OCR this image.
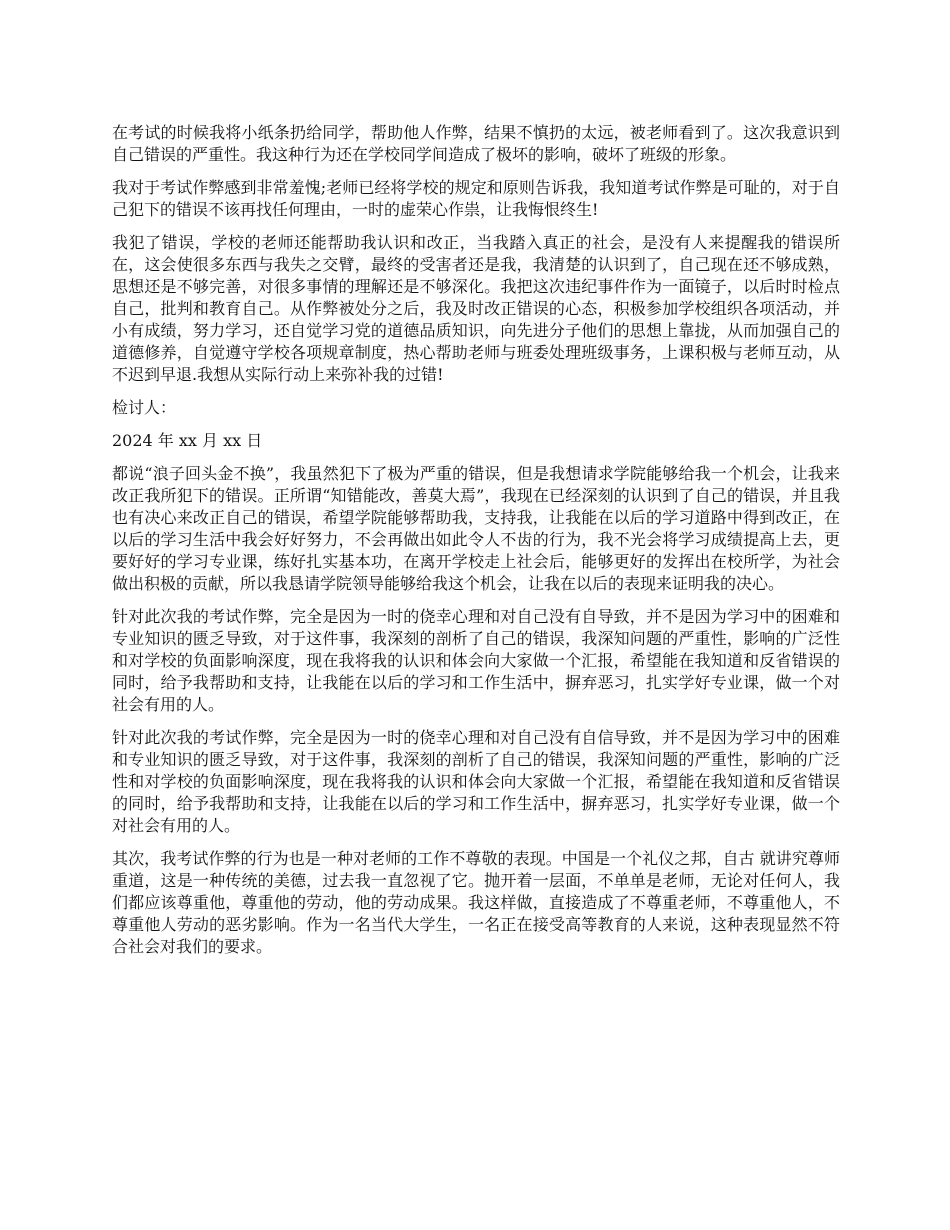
在考试的时候我将小纸条扔给同学，帮助他人作弊，结果不慎扔的太远，被老师看到了。这次我意识到自己错误的严重性。我这种行为还在学校同学间造成了极坏的影响，破坏了班级的形象。

我对于考试作弊感到非常羞愧;老师已经将学校的规定和原则告诉我，我知道考试作弊是可耻的，对于自己犯下的错误不该再找任何理由，一时的虚荣心作祟，让我悔恨终生!

我犯了错误，学校的老师还能帮助我认识和改正，当我踏入真正的社会，是没有人来提醒我的错误所在，这会使很多东西与我失之交臂，最终的受害者还是我，我清楚的认识到了，自己现在还不够成熟，思想还是不够完善，对很多事情的理解还是不够深化。我把这次违纪事件作为一面镜子，以后时时检点自己，批判和教育自己。从作弊被处分之后，我及时改正错误的心态，积极参加学校组织各项活动，并小有成绩，努力学习，还自觉学习党的道德品质知识，向先进分子他们的思想上靠拢，从而加强自己的道德修养，自觉遵守学校各项规章制度，热心帮助老师与班委处理班级事务，上课积极与老师互动，从不迟到早退.我想从实际行动上来弥补我的过错!

检讨人：

2024 年 xx 月 xx 日

都说“浪子回头金不换”，我虽然犯下了极为严重的错误，但是我想请求学院能够给我一个机会，让我来改正我所犯下的错误。正所谓“知错能改，善莫大焉”，我现在已经深刻的认识到了自己的错误，并且我也有决心来改正自己的错误，希望学院能够帮助我，支持我，让我能在以后的学习道路中得到改正，在以后的学习生活中我会好好努力，不会再做出如此令人不齿的行为，我不光会将学习成绩提高上去，更要好好的学习专业课，练好扎实基本功，在离开学校走上社会后，能够更好的发挥出在校所学，为社会做出积极的贡献，所以我恳请学院领导能够给我这个机会，让我在以后的表现来证明我的决心。

针对此次我的考试作弊，完全是因为一时的侥幸心理和对自己没有自导致，并不是因为学习中的困难和专业知识的匮乏导致，对于这件事，我深刻的剖析了自己的错误，我深知问题的严重性，影响的广泛性和对学校的负面影响深度，现在我将我的认识和体会向大家做一个汇报，希望能在我知道和反省错误的同时，给予我帮助和支持，让我能在以后的学习和工作生活中，摒弃恶习，扎实学好专业课，做一个对社会有用的人。

针对此次我的考试作弊，完全是因为一时的侥幸心理和对自己没有自信导致，并不是因为学习中的困难和专业知识的匮乏导致，对于这件事，我深刻的剖析了自己的错误，我深知问题的严重性，影响的广泛性和对学校的负面影响深度，现在我将我的认识和体会向大家做一个汇报，希望能在我知道和反省错误的同时，给予我帮助和支持，让我能在以后的学习和工作生活中，摒弃恶习，扎实学好专业课，做一个对社会有用的人。

其次，我考试作弊的行为也是一种对老师的工作不尊敬的表现。中国是一个礼仪之邦，自古 就讲究尊师重道，这是一种传统的美德，过去我一直忽视了它。抛开着一层面，不单单是老师，无论对任何人，我们都应该尊重他，尊重他的劳动，他的劳动成果。我这样做，直接造成了不尊重老师，不尊重他人，不尊重他人劳动的恶劣影响。作为一名当代大学生，一名正在接受高等教育的人来说，这种表现显然不符合社会对我们的要求。
